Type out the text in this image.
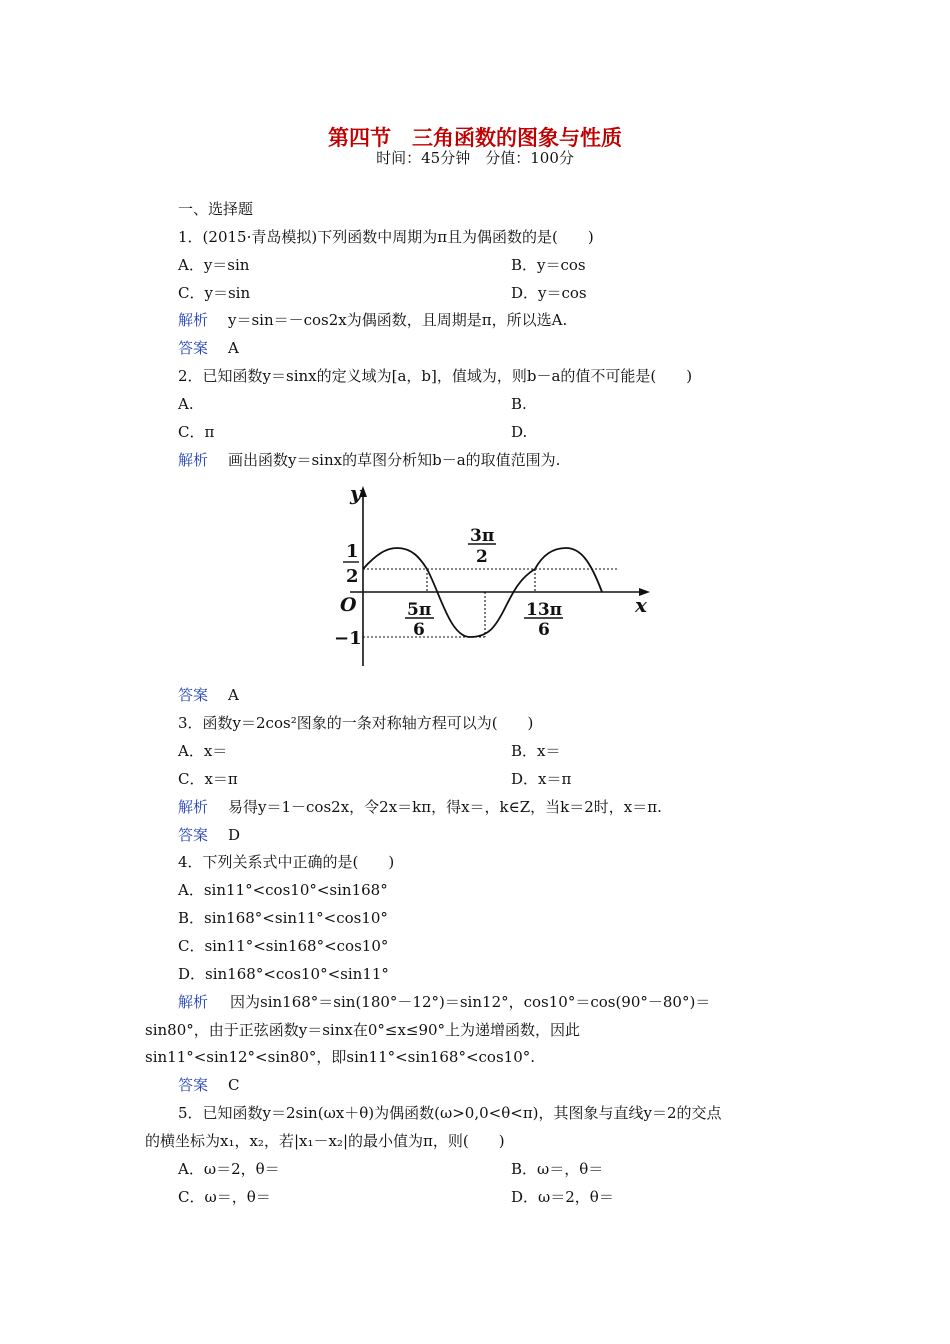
第四节　三角函数的图象与性质
时间：45分钟　分值：100分
一、选择题
1．(2015·青岛模拟)下列函数中周期为π且为偶函数的是(　　)
A．y＝sin	B．y＝cos
C．y＝sin	D．y＝cos
解析 y＝sin＝－cos2x为偶函数，且周期是π，所以选A.
答案 A
2．已知函数y＝sinx的定义域为[a，b]，值域为，则b－a的值不可能是(　　)
A.	B.
C．π	D.
解析 画出函数y＝sinx的草图分析知b－a的取值范围为.
y
x
O
1
2
−1
5π
6
3π
2
13π
6
答案 A
3．函数y＝2cos²图象的一条对称轴方程可以为(　　)
A．x＝	B．x＝
C．x＝π	D．x＝π
解析 易得y＝1－cos2x，令2x＝kπ，得x＝，k∈Z，当k＝2时，x＝π.
答案 D
4．下列关系式中正确的是(　　)
A．sin11°<cos10°<sin168°
B．sin168°<sin11°<cos10°
C．sin11°<sin168°<cos10°
D．sin168°<cos10°<sin11°
解析 因为sin168°＝sin(180°－12°)＝sin12°，cos10°＝cos(90°－80°)＝
sin80°，由于正弦函数y＝sinx在0°≤x≤90°上为递增函数，因此
sin11°<sin12°<sin80°，即sin11°<sin168°<cos10°.
答案 C
5．已知函数y＝2sin(ωx＋θ)为偶函数(ω>0,0<θ<π)，其图象与直线y＝2的交点
的横坐标为x₁，x₂，若|x₁－x₂|的最小值为π，则(　　)
A．ω＝2，θ＝	B．ω＝，θ＝
C．ω＝，θ＝	D．ω＝2，θ＝
